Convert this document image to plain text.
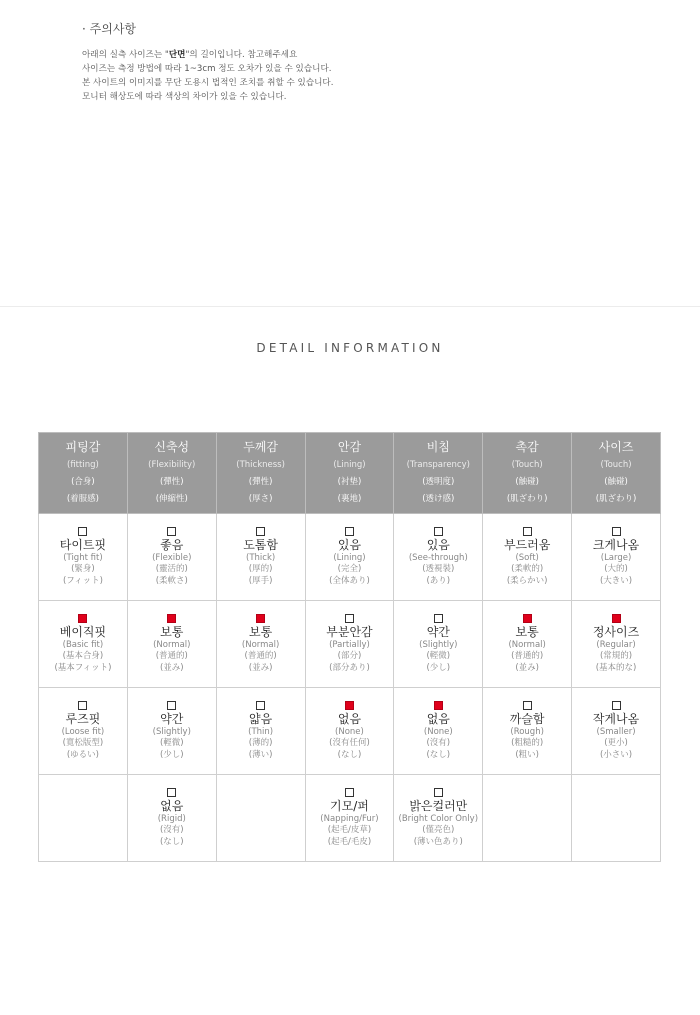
· 주의사항
아래의 실측 사이즈는 "단면"의 길이입니다. 참고해주세요
사이즈는 측정 방법에 따라 1~3cm 정도 오차가 있을 수 있습니다.
본 사이트의 이미지를 무단 도용시 법적인 조치를 취할 수 있습니다.
모니터 해상도에 따라 색상의 차이가 있을 수 있습니다.
DETAIL INFORMATION
피팅감
(fitting)
(合身)
(着服感)	신축성
(Flexibility)
(彈性)
(伸縮性)	두께감
(Thickness)
(彈性)
(厚さ)	안감
(Lining)
(衬垫)
(裏地)	비침
(Transparency)
(透明度)
(透け感)	촉감
(Touch)
(触碰)
(肌ざわり)	사이즈
(Touch)
(触碰)
(肌ざわり)

타이트핏
(Tight fit)
(緊身)
(フィット)	좋음
(Flexible)
(靈活的)
(柔軟さ)	도톰함
(Thick)
(厚的)
(厚手)	있음
(Lining)
(完全)
(全体あり)	있음
(See-through)
(透視裝)
(あり)	부드러움
(Soft)
(柔軟的)
(柔らかい)	크게나옴
(Large)
(大的)
(大きい)

베이직핏
(Basic fit)
(基本合身)
(基本フィット)	보통
(Normal)
(普通的)
(並み)	보통
(Normal)
(普通的)
(並み)	부분안감
(Partially)
(部分)
(部分あり)	약간
(Slightly)
(輕微)
(少し)	보통
(Normal)
(普通的)
(並み)	정사이즈
(Regular)
(常規的)
(基本的な)

루즈핏
(Loose fit)
(寬松版型)
(ゆるい)	약간
(Slightly)
(輕微)
(少し)	얇음
(Thin)
(薄的)
(薄い)	없음
(None)
(沒有任何)
(なし)	없음
(None)
(沒有)
(なし)	까슬함
(Rough)
(粗糙的)
(粗い)	작게나옴
(Smaller)
(更小)
(小さい)

	없음
(Rigid)
(沒有)
(なし)		기모/퍼
(Napping/Fur)
(起毛/皮草)
(起毛/毛皮)	밝은컬러만
(Bright Color Only)
(僅亮色)
(薄い色あり)		
